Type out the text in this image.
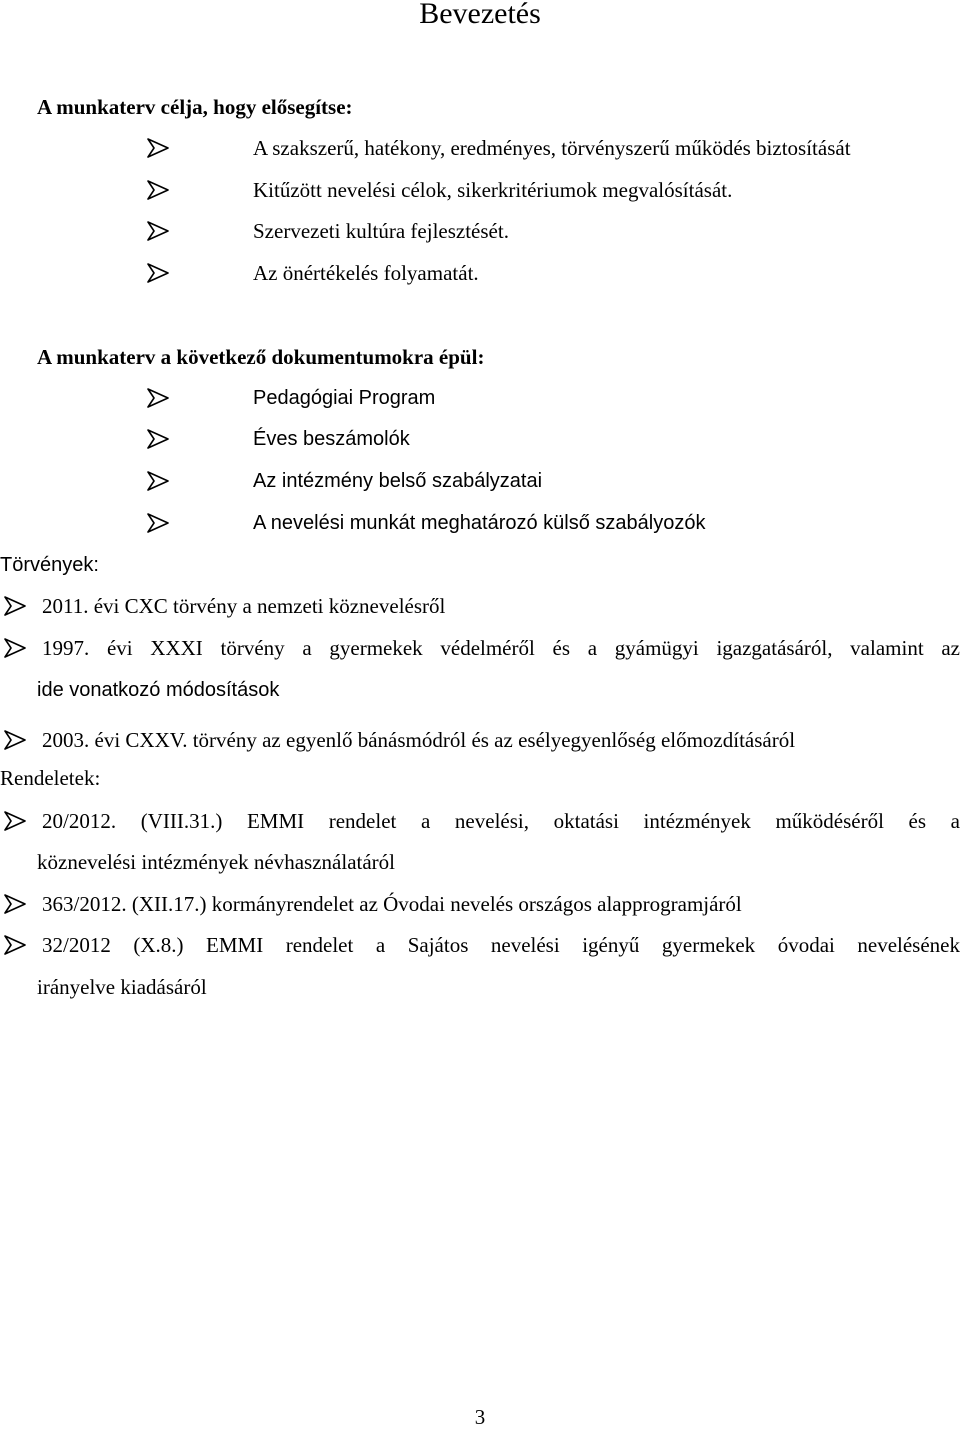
Bevezetés
A munkaterv célja, hogy elősegítse:
A szakszerű, hatékony, eredményes, törvényszerű működés biztosítását
Kitűzött nevelési célok, sikerkritériumok megvalósítását.
Szervezeti kultúra fejlesztését.
Az önértékelés folyamatát.
A munkaterv a következő dokumentumokra épül:
Pedagógiai Program
Éves beszámolók
Az intézmény belső szabályzatai
A nevelési munkát meghatározó külső szabályozók
Törvények:
2011. évi CXC törvény a nemzeti köznevelésről
1997. évi XXXI törvény a gyermekek védelméről és a gyámügyi igazgatásáról, valamint az
ide vonatkozó módosítások
2003. évi CXXV. törvény az egyenlő bánásmódról és az esélyegyenlőség előmozdításáról
Rendeletek:
20/2012. (VIII.31.) EMMI rendelet a nevelési, oktatási intézmények működéséről és a
köznevelési intézmények névhasználatáról
363/2012. (XII.17.) kormányrendelet az Óvodai nevelés országos alapprogramjáról
32/2012 (X.8.) EMMI rendelet a Sajátos nevelési igényű gyermekek óvodai nevelésének
irányelve kiadásáról
3
